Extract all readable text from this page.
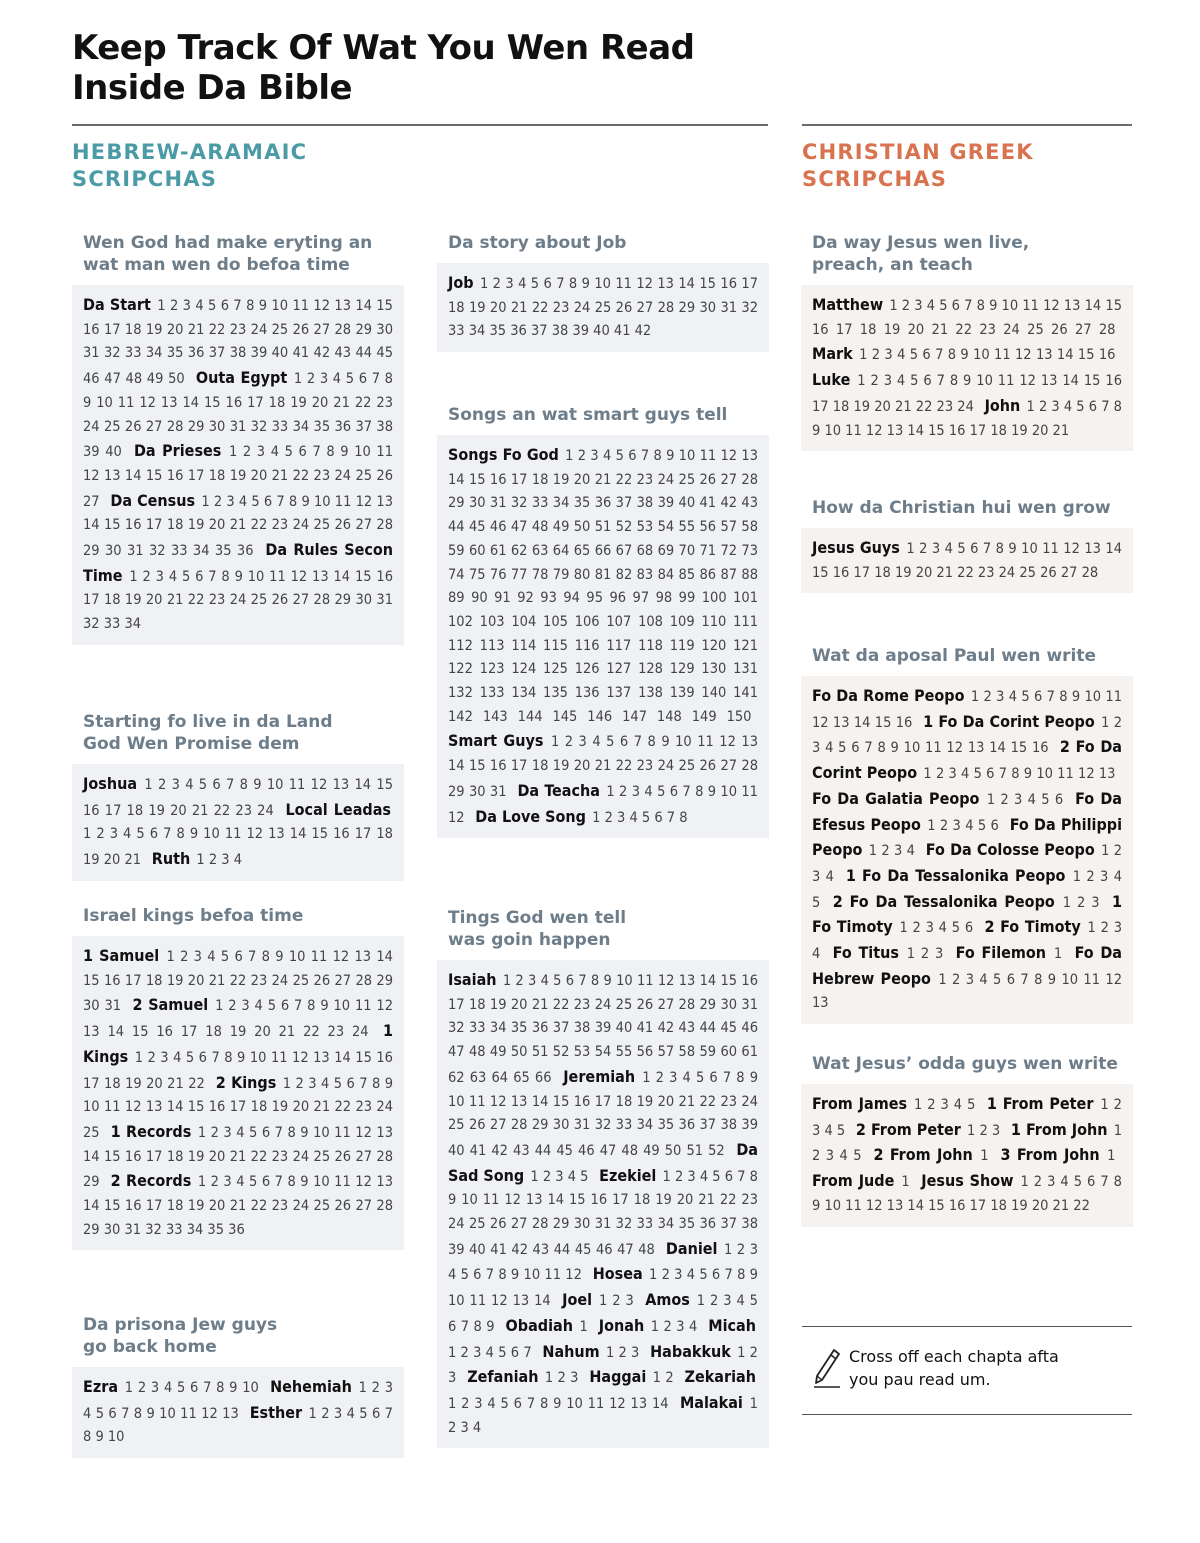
Keep Track Of Wat You Wen Read
Inside Da Bible
HEBREW-ARAMAIC
SCRIPCHAS
CHRISTIAN GREEK
SCRIPCHAS
Wen God had make eryting an
wat man wen do befoa time
Da Start 1 2 3 4 5 6 7 8 9 10 11 12 13 14 15 16 17 18 19 20 21 22 23 24 25 26 27 28 29 30 31 32 33 34 35 36 37 38 39 40 41 42 43 44 45 46 47 48 49 50  Outa Egypt 1 2 3 4 5 6 7 8 9 10 11 12 13 14 15 16 17 18 19 20 21 22 23 24 25 26 27 28 29 30 31 32 33 34 35 36 37 38 39 40  Da Prieses 1 2 3 4 5 6 7 8 9 10 11 12 13 14 15 16 17 18 19 20 21 22 23 24 25 26 27  Da Census 1 2 3 4 5 6 7 8 9 10 11 12 13 14 15 16 17 18 19 20 21 22 23 24 25 26 27 28 29 30 31 32 33 34 35 36  Da Rules Secon Time 1 2 3 4 5 6 7 8 9 10 11 12 13 14 15 16 17 18 19 20 21 22 23 24 25 26 27 28 29 30 31 32 33 34 
Starting fo live in da Land
God Wen Promise dem
Joshua 1 2 3 4 5 6 7 8 9 10 11 12 13 14 15 16 17 18 19 20 21 22 23 24  Local Leadas 1 2 3 4 5 6 7 8 9 10 11 12 13 14 15 16 17 18 19 20 21  Ruth 1 2 3 4 
Israel kings befoa time
1 Samuel 1 2 3 4 5 6 7 8 9 10 11 12 13 14 15 16 17 18 19 20 21 22 23 24 25 26 27 28 29 30 31  2 Samuel 1 2 3 4 5 6 7 8 9 10 11 12 13 14 15 16 17 18 19 20 21 22 23 24  1 Kings 1 2 3 4 5 6 7 8 9 10 11 12 13 14 15 16 17 18 19 20 21 22  2 Kings 1 2 3 4 5 6 7 8 9 10 11 12 13 14 15 16 17 18 19 20 21 22 23 24 25  1 Records 1 2 3 4 5 6 7 8 9 10 11 12 13 14 15 16 17 18 19 20 21 22 23 24 25 26 27 28 29  2 Records 1 2 3 4 5 6 7 8 9 10 11 12 13 14 15 16 17 18 19 20 21 22 23 24 25 26 27 28 29 30 31 32 33 34 35 36 
Da prisona Jew guys
go back home
Ezra 1 2 3 4 5 6 7 8 9 10  Nehemiah 1 2 3 4 5 6 7 8 9 10 11 12 13  Esther 1 2 3 4 5 6 7 8 9 10 
Da story about Job
Job 1 2 3 4 5 6 7 8 9 10 11 12 13 14 15 16 17 18 19 20 21 22 23 24 25 26 27 28 29 30 31 32 33 34 35 36 37 38 39 40 41 42 
Songs an wat smart guys tell
Songs Fo God 1 2 3 4 5 6 7 8 9 10 11 12 13 14 15 16 17 18 19 20 21 22 23 24 25 26 27 28 29 30 31 32 33 34 35 36 37 38 39 40 41 42 43 44 45 46 47 48 49 50 51 52 53 54 55 56 57 58 59 60 61 62 63 64 65 66 67 68 69 70 71 72 73 74 75 76 77 78 79 80 81 82 83 84 85 86 87 88 89 90 91 92 93 94 95 96 97 98 99 100 101 102 103 104 105 106 107 108 109 110 111 112 113 114 115 116 117 118 119 120 121 122 123 124 125 126 127 128 129 130 131 132 133 134 135 136 137 138 139 140 141 142 143 144 145 146 147 148 149 150  Smart Guys 1 2 3 4 5 6 7 8 9 10 11 12 13 14 15 16 17 18 19 20 21 22 23 24 25 26 27 28 29 30 31  Da Teacha 1 2 3 4 5 6 7 8 9 10 11 12  Da Love Song 1 2 3 4 5 6 7 8 
Tings God wen tell
was goin happen
Isaiah 1 2 3 4 5 6 7 8 9 10 11 12 13 14 15 16 17 18 19 20 21 22 23 24 25 26 27 28 29 30 31 32 33 34 35 36 37 38 39 40 41 42 43 44 45 46 47 48 49 50 51 52 53 54 55 56 57 58 59 60 61 62 63 64 65 66  Jeremiah 1 2 3 4 5 6 7 8 9 10 11 12 13 14 15 16 17 18 19 20 21 22 23 24 25 26 27 28 29 30 31 32 33 34 35 36 37 38 39 40 41 42 43 44 45 46 47 48 49 50 51 52  Da Sad Song 1 2 3 4 5  Ezekiel 1 2 3 4 5 6 7 8 9 10 11 12 13 14 15 16 17 18 19 20 21 22 23 24 25 26 27 28 29 30 31 32 33 34 35 36 37 38 39 40 41 42 43 44 45 46 47 48  Daniel 1 2 3 4 5 6 7 8 9 10 11 12  Hosea 1 2 3 4 5 6 7 8 9 10 11 12 13 14  Joel 1 2 3  Amos 1 2 3 4 5 6 7 8 9  Obadiah 1  Jonah 1 2 3 4  Micah 1 2 3 4 5 6 7  Nahum 1 2 3  Habakkuk 1 2 3  Zefaniah 1 2 3  Haggai 1 2  Zekariah 1 2 3 4 5 6 7 8 9 10 11 12 13 14  Malakai 1 2 3 4 
Da way Jesus wen live,
preach, an teach
Matthew 1 2 3 4 5 6 7 8 9 10 11 12 13 14 15 16 17 18 19 20 21 22 23 24 25 26 27 28  Mark 1 2 3 4 5 6 7 8 9 10 11 12 13 14 15 16  Luke 1 2 3 4 5 6 7 8 9 10 11 12 13 14 15 16 17 18 19 20 21 22 23 24  John 1 2 3 4 5 6 7 8 9 10 11 12 13 14 15 16 17 18 19 20 21 
How da Christian hui wen grow
Jesus Guys 1 2 3 4 5 6 7 8 9 10 11 12 13 14 15 16 17 18 19 20 21 22 23 24 25 26 27 28 
Wat da aposal Paul wen write
Fo Da Rome Peopo 1 2 3 4 5 6 7 8 9 10 11 12 13 14 15 16  1 Fo Da Corint Peopo 1 2 3 4 5 6 7 8 9 10 11 12 13 14 15 16  2 Fo Da Corint Peopo 1 2 3 4 5 6 7 8 9 10 11 12 13  Fo Da Galatia Peopo 1 2 3 4 5 6  Fo Da Efesus Peopo 1 2 3 4 5 6  Fo Da Philippi Peopo 1 2 3 4  Fo Da Colosse Peopo 1 2 3 4  1 Fo Da Tessalonika Peopo 1 2 3 4 5  2 Fo Da Tessalonika Peopo 1 2 3  1 Fo Timoty 1 2 3 4 5 6  2 Fo Timoty 1 2 3 4  Fo Titus 1 2 3  Fo Filemon 1  Fo Da Hebrew Peopo 1 2 3 4 5 6 7 8 9 10 11 12 13 
Wat Jesus’ odda guys wen write
From James 1 2 3 4 5  1 From Peter 1 2 3 4 5  2 From Peter 1 2 3  1 From John 1 2 3 4 5  2 From John 1  3 From John 1  From Jude 1  Jesus Show 1 2 3 4 5 6 7 8 9 10 11 12 13 14 15 16 17 18 19 20 21 22 
Cross off each chapta afta
you pau read um.
